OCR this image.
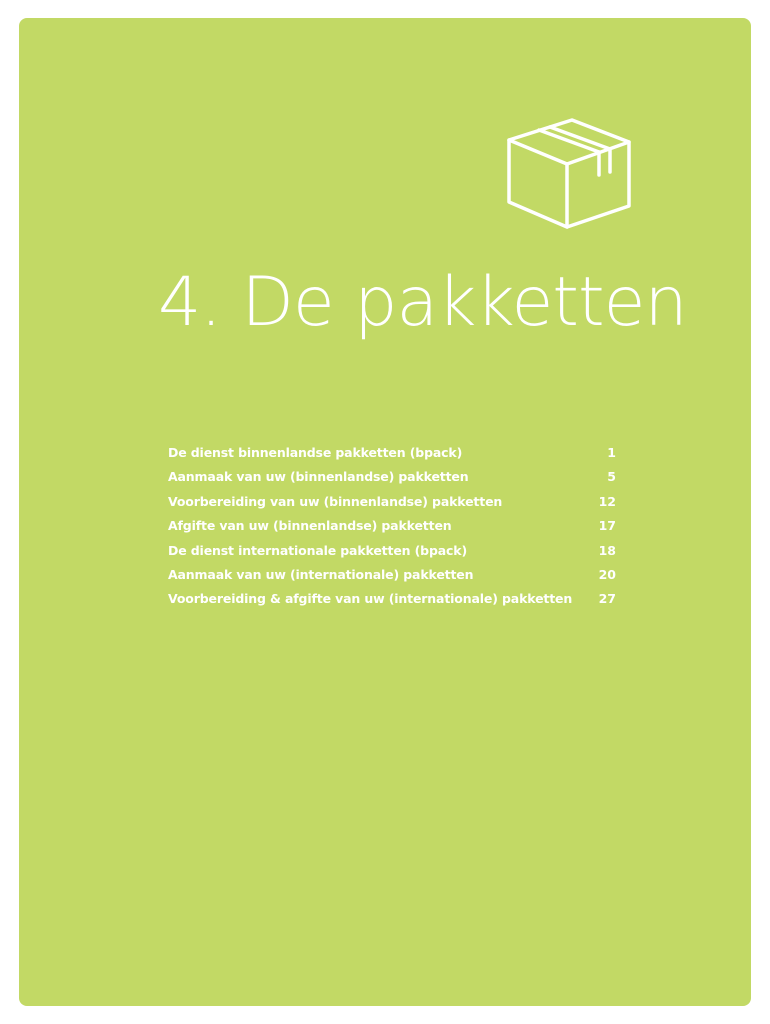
4. De pakketten
De dienst binnenlandse pakketten (bpack)	1
Aanmaak van uw (binnenlandse) pakketten	5
Voorbereiding van uw (binnenlandse) pakketten	12
Afgifte van uw (binnenlandse) pakketten	17
De dienst internationale pakketten (bpack)	18
Aanmaak van uw (internationale) pakketten	20
Voorbereiding & afgifte van uw (internationale) pakketten	27
